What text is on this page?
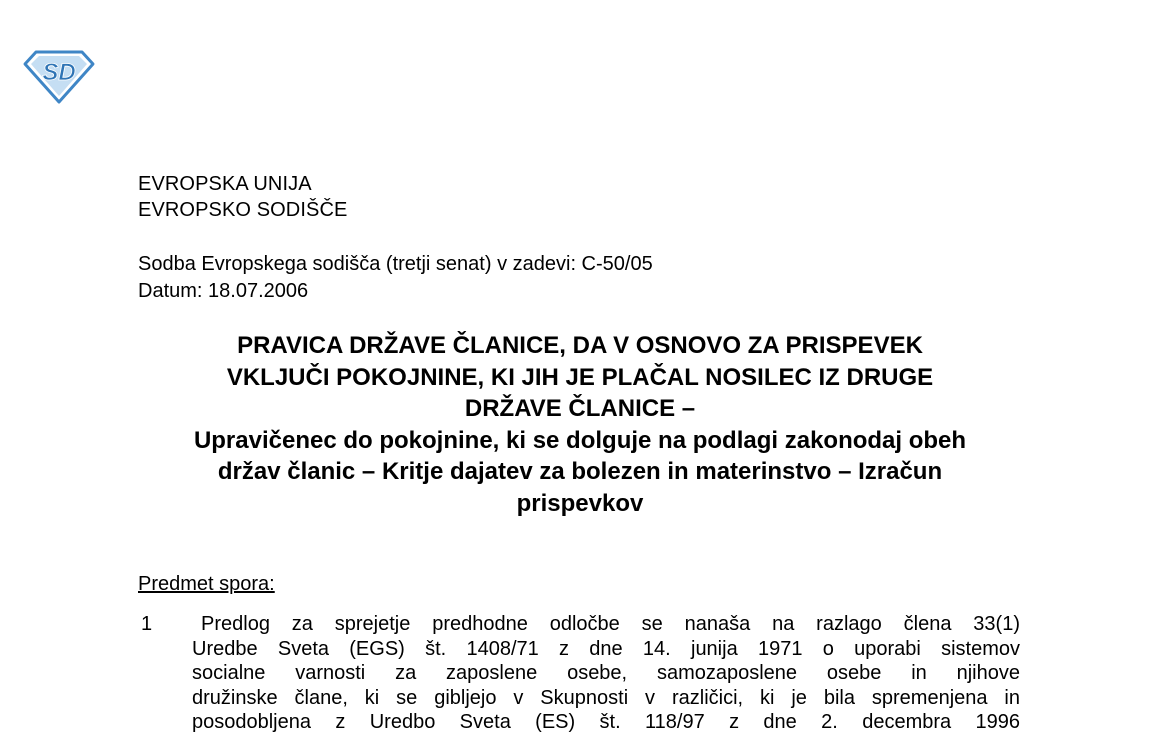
SD
EVROPSKA UNIJA
EVROPSKO SODIŠČE
Sodba Evropskega sodišča (tretji senat) v zadevi: C-50/05
Datum: 18.07.2006
PRAVICA DRŽAVE ČLANICE, DA V OSNOVO ZA PRISPEVEK
VKLJUČI POKOJNINE, KI JIH JE PLAČAL NOSILEC IZ DRUGE
DRŽAVE ČLANICE –
Upravičenec do pokojnine, ki se dolguje na podlagi zakonodaj obeh
držav članic – Kritje dajatev za bolezen in materinstvo – Izračun
prispevkov
Predmet spora:
1	Predlog za sprejetje predhodne odločbe se nanaša na razlago člena 33(1)
Uredbe Sveta (EGS) št. 1408/71 z dne 14. junija 1971 o uporabi sistemov
socialne varnosti za zaposlene osebe, samozaposlene osebe in njihove
družinske člane, ki se gibljejo v Skupnosti v različici, ki je bila spremenjena in
posodobljena z Uredbo Sveta (ES) št. 118/97 z dne 2. decembra 1996
